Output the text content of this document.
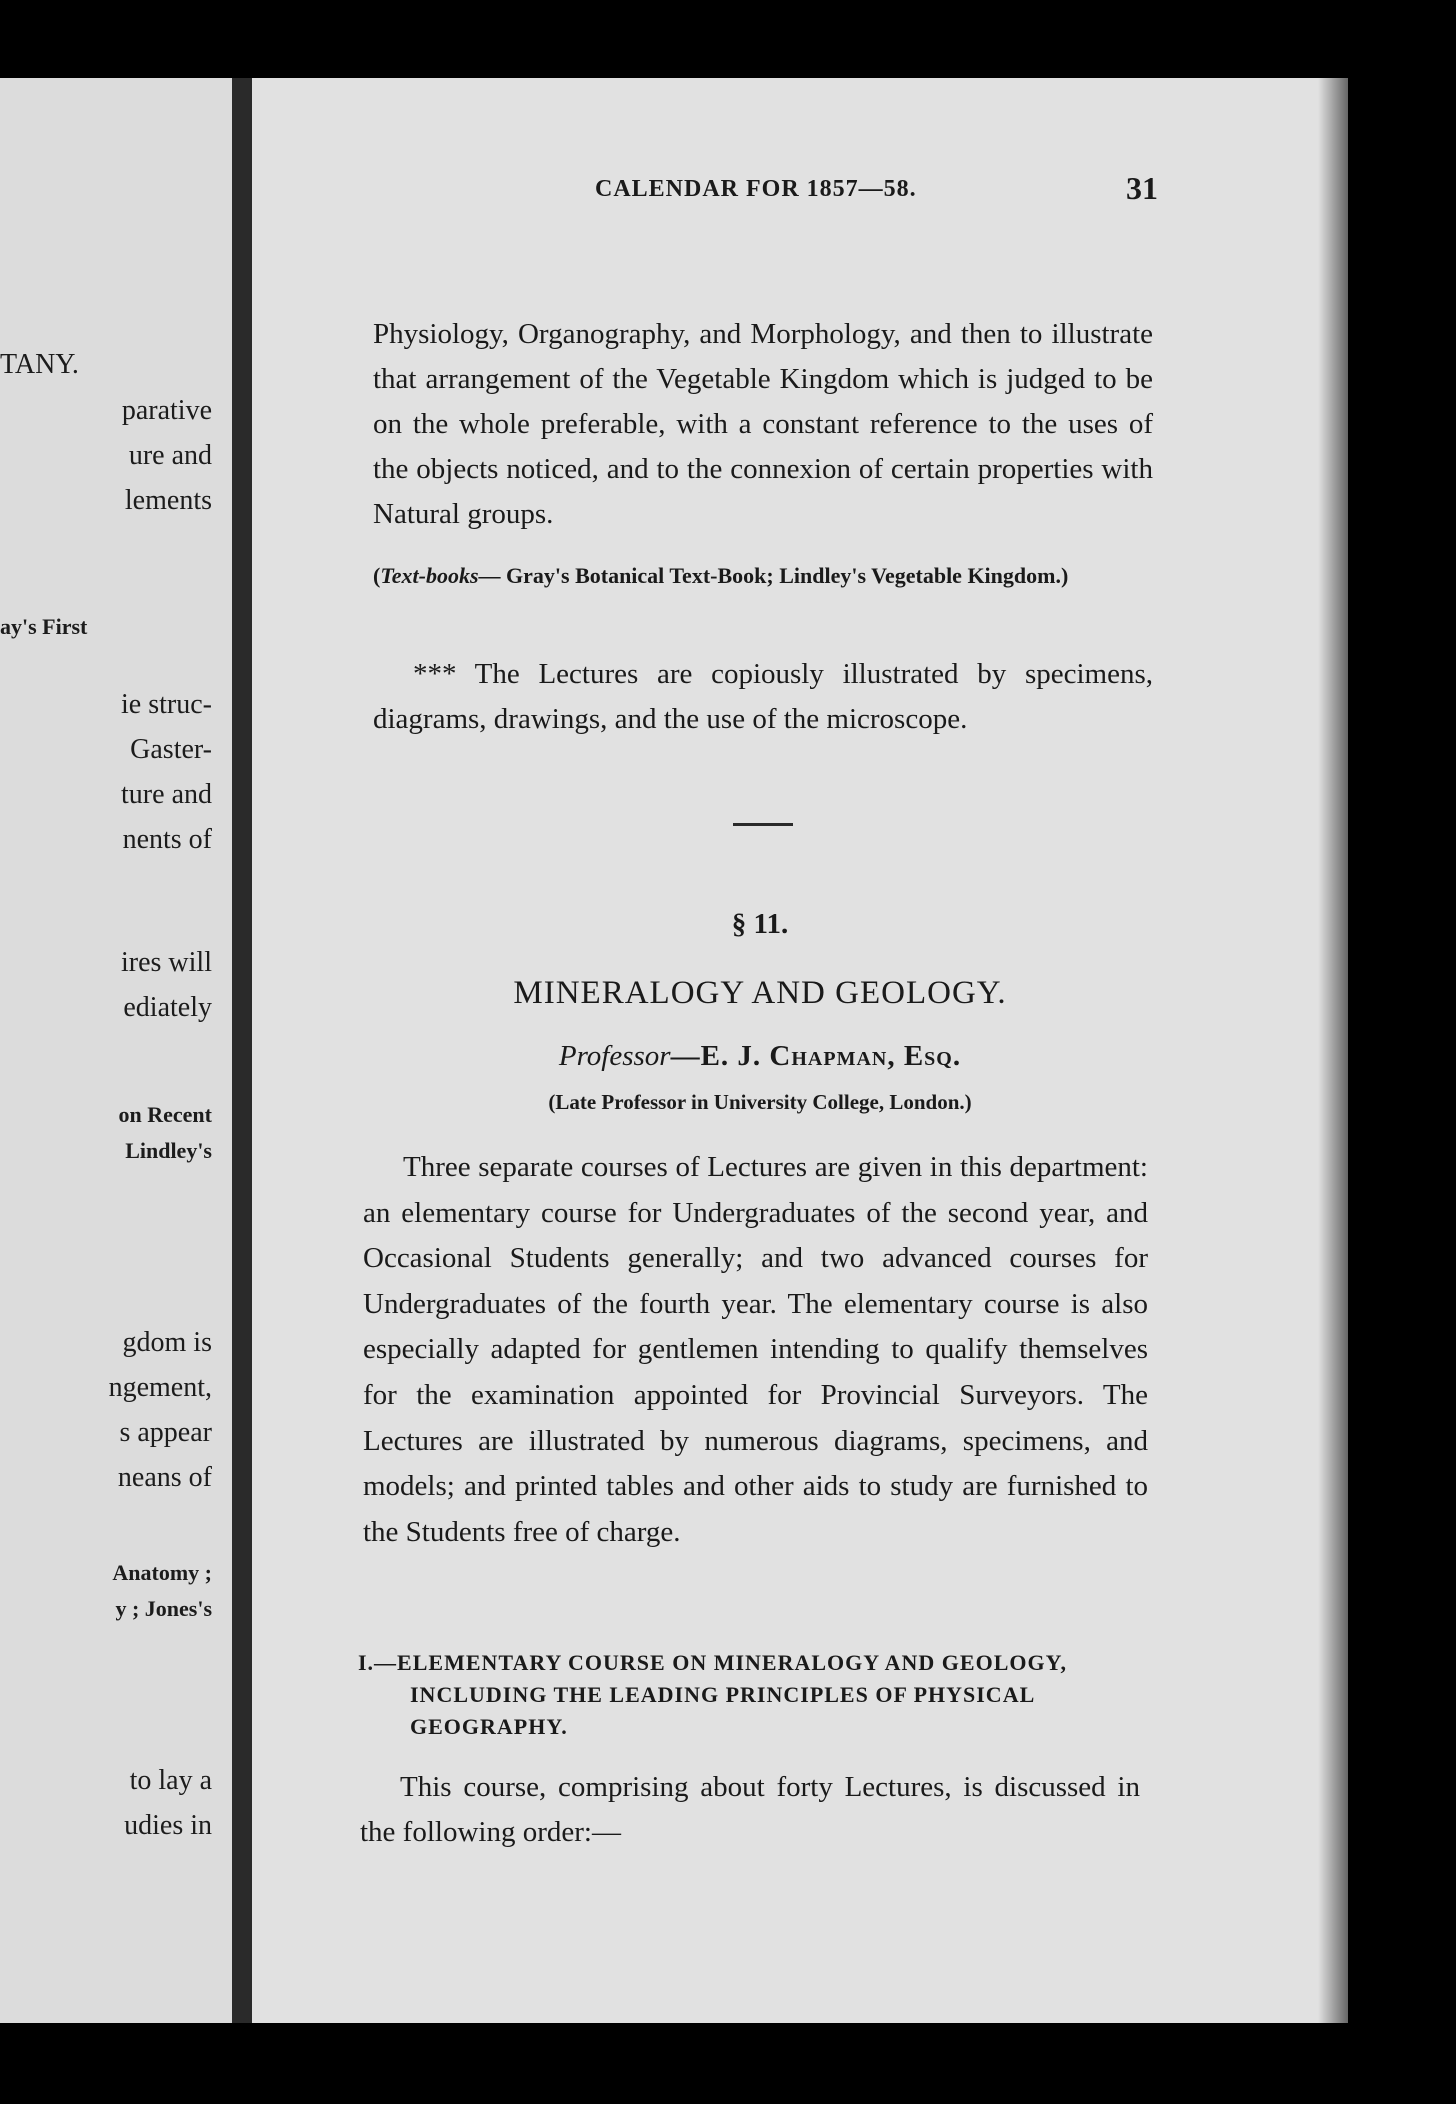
TANY.
parative
ure and
lements
ay's First
ie struc-
Gaster-
ture and
nents of
ires will
ediately
on Recent
Lindley's
gdom is
ngement,
s appear
neans of
Anatomy ;
y ; Jones's
to lay a
udies in
CALENDAR FOR 1857—58.	31
Physiology, Organography, and Morphology, and then to illustrate that arrangement of the Vegetable Kingdom which is judged to be on the whole preferable, with a constant reference to the uses of the objects noticed, and to the connexion of certain properties with Natural groups.
(Text-books— Gray's Botanical Text-Book; Lindley's Vegetable Kingdom.)
*** The Lectures are copiously illustrated by specimens, diagrams, drawings, and the use of the microscope.
§ 11.
MINERALOGY AND GEOLOGY.
Professor—E. J. Chapman, Esq.
(Late Professor in University College, London.)
Three separate courses of Lectures are given in this department: an elementary course for Undergraduates of the second year, and Occasional Students generally; and two advanced courses for Undergraduates of the fourth year. The elementary course is also especially adapted for gentlemen intending to qualify themselves for the examination appointed for Provincial Surveyors. The Lectures are illustrated by numerous diagrams, specimens, and models; and printed tables and other aids to study are furnished to the Students free of charge.
I.—ELEMENTARY COURSE ON MINERALOGY AND GEOLOGY,
INCLUDING THE LEADING PRINCIPLES OF PHYSICAL
GEOGRAPHY.
This course, comprising about forty Lectures, is discussed in the following order:—
